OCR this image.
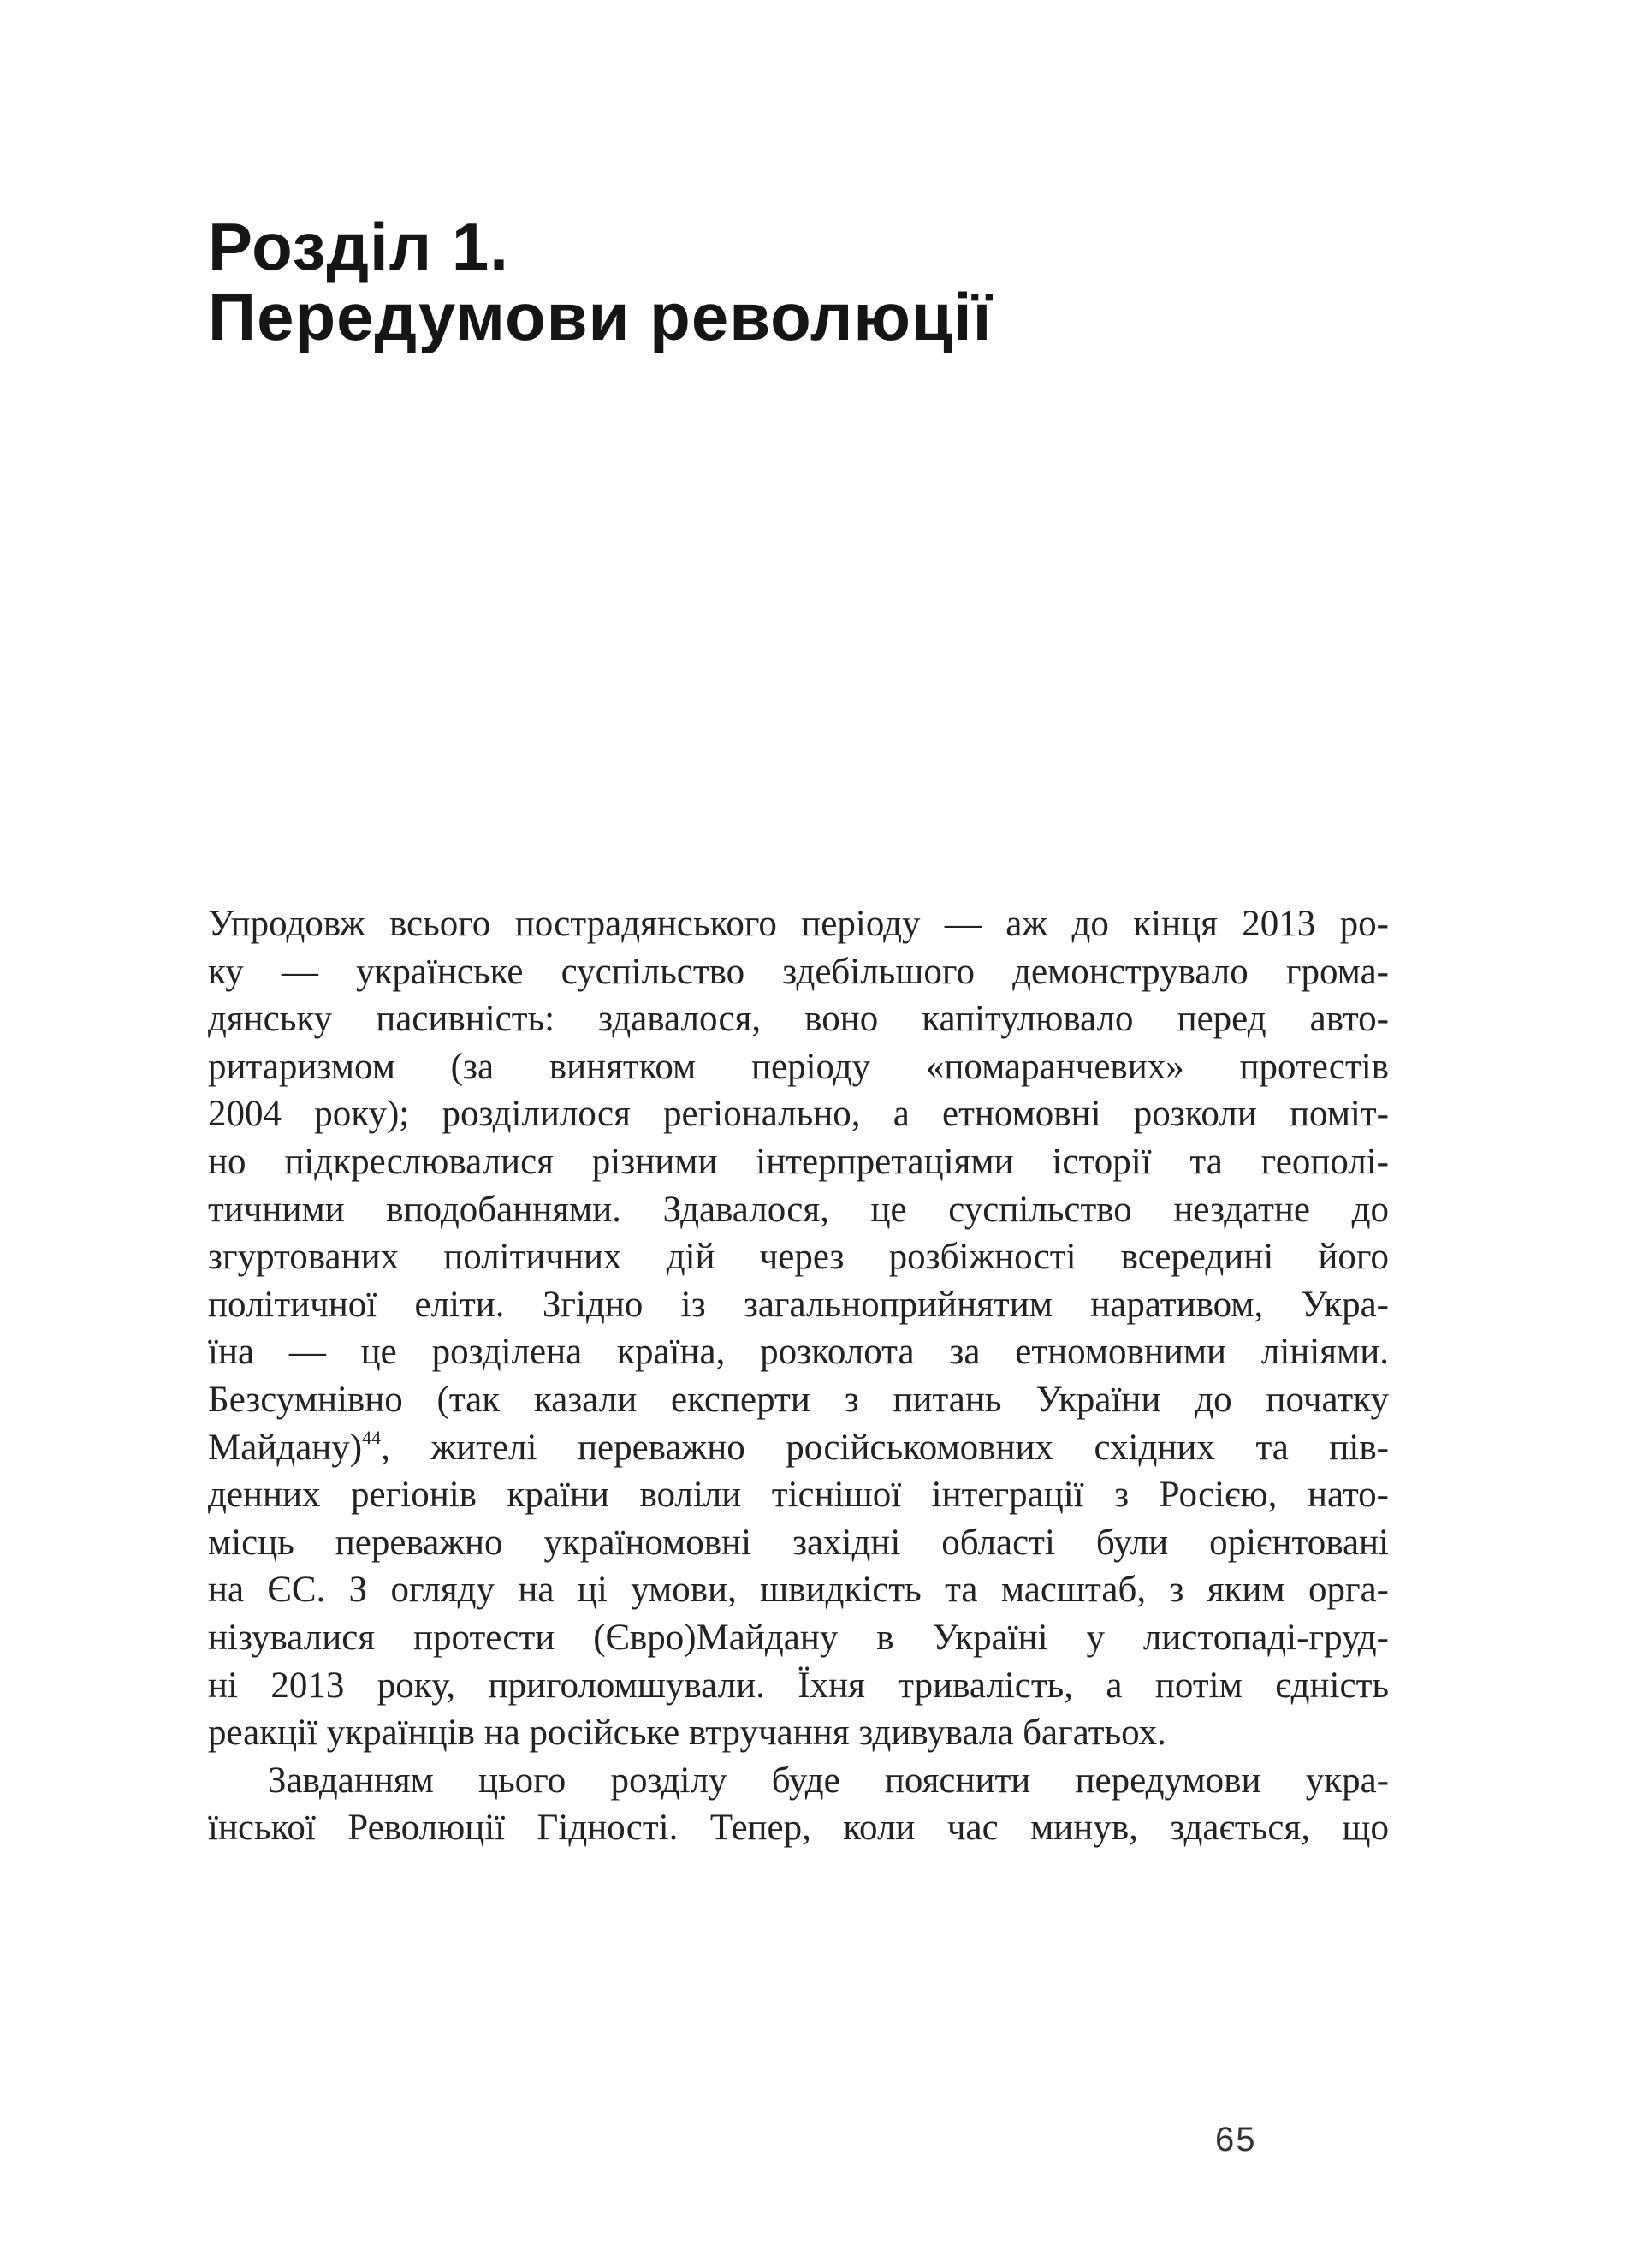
Розділ 1.
Передумови революції
Упродовж всього пострадянського періоду — аж до кінця 2013 ро-
ку — українське суспільство здебільшого демонструвало грома-
дянську пасивність: здавалося, воно капітулювало перед авто-
ритаризмом (за винятком періоду «помаранчевих» протестів
2004 року); розділилося регіонально, а етномовні розколи поміт-
но підкреслювалися різними інтерпретаціями історії та геополі-
тичними вподобаннями. Здавалося, це суспільство нездатне до
згуртованих політичних дій через розбіжності всередині його
політичної еліти. Згідно із загальноприйнятим наративом, Укра-
їна — це розділена країна, розколота за етномовними лініями.
Безсумнівно (так казали експерти з питань України до початку
Майдану)$^{44}$, жителі переважно російськомовних східних та пів-
денних регіонів країни воліли тіснішої інтеграції з Росією, нато-
місць переважно україномовні західні області були орієнтовані
на ЄС. З огляду на ці умови, швидкість та масштаб, з яким орга-
нізувалися протести (Євро)Майдану в Україні у листопаді-груд-
ні 2013 року, приголомшували. Їхня тривалість, а потім єдність
реакції українців на російське втручання здивувала багатьох.
Завданням цього розділу буде пояснити передумови укра-
їнської Революції Гідності. Тепер, коли час минув, здається, що
65
